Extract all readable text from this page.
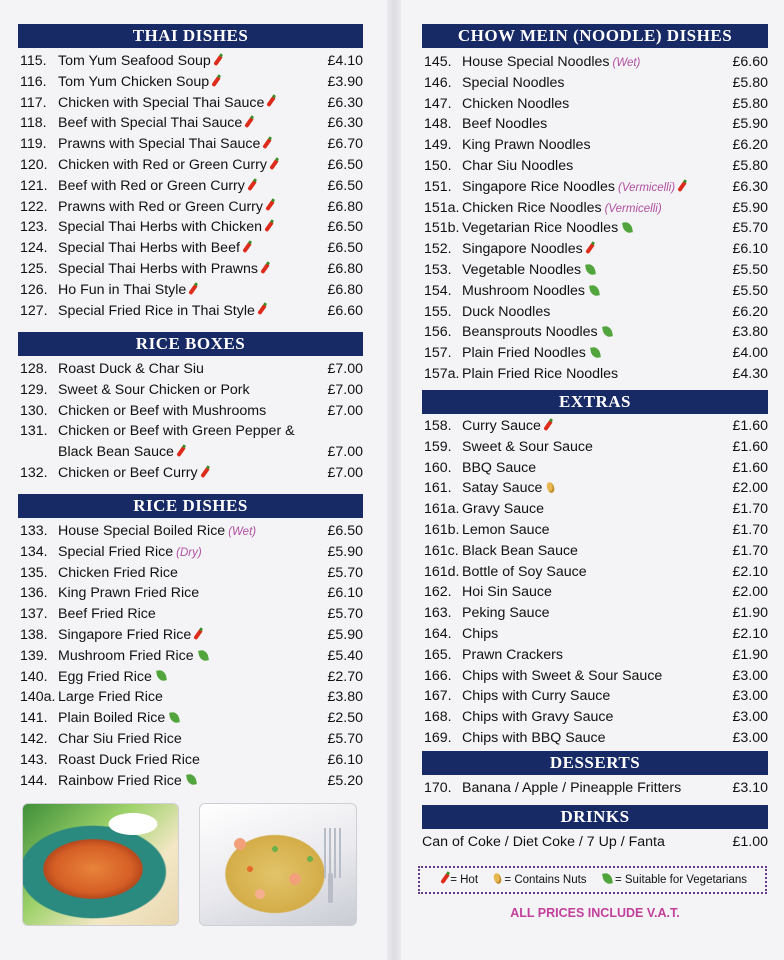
THAI DISHES
115. Tom Yum Seafood Soup	£4.10
116. Tom Yum Chicken Soup	£3.90
117. Chicken with Special Thai Sauce	£6.30
118. Beef with Special Thai Sauce	£6.30
119. Prawns with Special Thai Sauce	£6.70
120. Chicken with Red or Green Curry	£6.50
121. Beef with Red or Green Curry	£6.50
122. Prawns with Red or Green Curry	£6.80
123. Special Thai Herbs with Chicken	£6.50
124. Special Thai Herbs with Beef	£6.50
125. Special Thai Herbs with Prawns	£6.80
126. Ho Fun in Thai Style	£6.80
127. Special Fried Rice in Thai Style	£6.60
RICE BOXES
128. Roast Duck & Char Siu	£7.00
129. Sweet & Sour Chicken or Pork	£7.00
130. Chicken or Beef with Mushrooms	£7.00
131. Chicken or Beef with Green Pepper & Black Bean Sauce	£7.00
132. Chicken or Beef Curry	£7.00
RICE DISHES
133. House Special Boiled Rice (Wet)	£6.50
134. Special Fried Rice (Dry)	£5.90
135. Chicken Fried Rice	£5.70
136. King Prawn Fried Rice	£6.10
137. Beef Fried Rice	£5.70
138. Singapore Fried Rice	£5.90
139. Mushroom Fried Rice	£5.40
140. Egg Fried Rice	£2.70
140a. Large Fried Rice	£3.80
141. Plain Boiled Rice	£2.50
142. Char Siu Fried Rice	£5.70
143. Roast Duck Fried Rice	£6.10
144. Rainbow Fried Rice	£5.20
CHOW MEIN (NOODLE) DISHES
145. House Special Noodles (Wet)	£6.60
146. Special Noodles	£5.80
147. Chicken Noodles	£5.80
148. Beef Noodles	£5.90
149. King Prawn Noodles	£6.20
150. Char Siu Noodles	£5.80
151. Singapore Rice Noodles (Vermicelli)	£6.30
151a. Chicken Rice Noodles (Vermicelli)	£5.90
151b. Vegetarian Rice Noodles	£5.70
152. Singapore Noodles	£6.10
153. Vegetable Noodles	£5.50
154. Mushroom Noodles	£5.50
155. Duck Noodles	£6.20
156. Beansprouts Noodles	£3.80
157. Plain Fried Noodles	£4.00
157a. Plain Fried Rice Noodles	£4.30
EXTRAS
158. Curry Sauce	£1.60
159. Sweet & Sour Sauce	£1.60
160. BBQ Sauce	£1.60
161. Satay Sauce	£2.00
161a. Gravy Sauce	£1.70
161b. Lemon Sauce	£1.70
161c. Black Bean Sauce	£1.70
161d. Bottle of Soy Sauce	£2.10
162. Hoi Sin Sauce	£2.00
163. Peking Sauce	£1.90
164. Chips	£2.10
165. Prawn Crackers	£1.90
166. Chips with Sweet & Sour Sauce	£3.00
167. Chips with Curry Sauce	£3.00
168. Chips with Gravy Sauce	£3.00
169. Chips with BBQ Sauce	£3.00
DESSERTS
170. Banana / Apple / Pineapple Fritters	£3.10
DRINKS
Can of Coke / Diet Coke / 7 Up / Fanta	£1.00
= Hot = Contains Nuts = Suitable for Vegetarians
ALL PRICES INCLUDE V.A.T.
